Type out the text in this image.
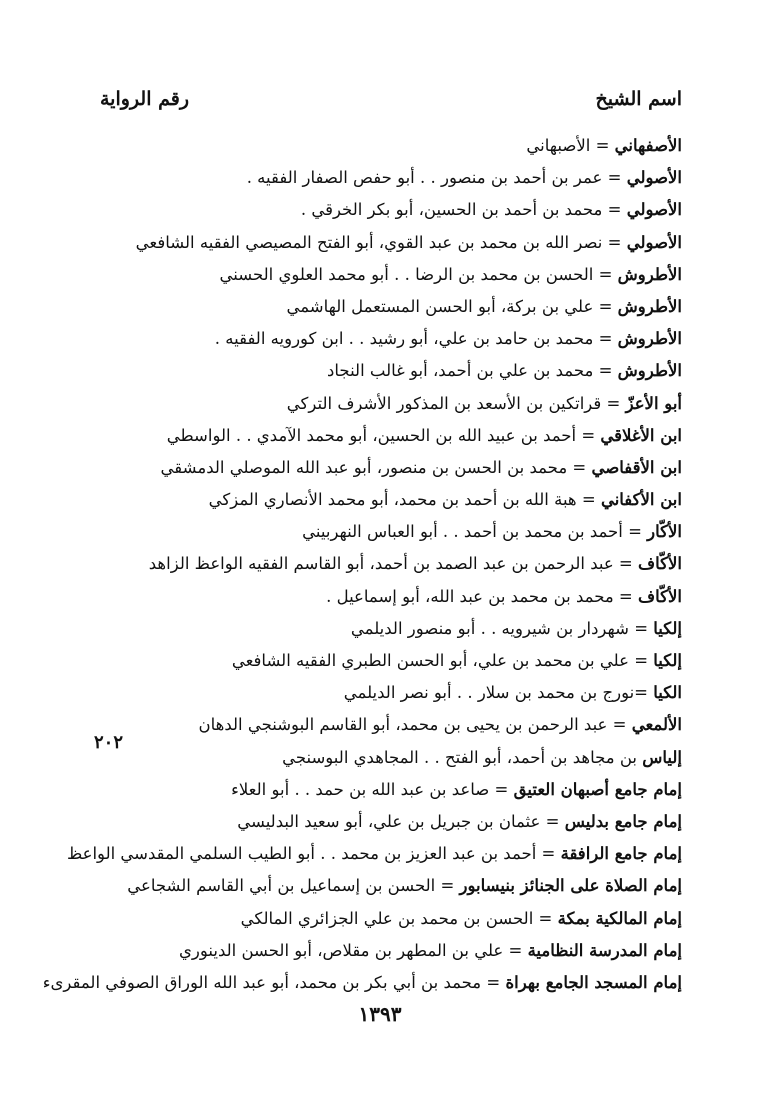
اسم الشيخ
رقم الرواية
الأصفهاني = الأصبهاني
الأصولي = عمر بن أحمد بن منصور . . أبو حفص الصفار الفقيه .
الأصولي = محمد بن أحمد بن الحسين، أبو بكر الخرقي .
الأصولي = نصر الله بن محمد بن عبد القوي، أبو الفتح المصيصي الفقيه الشافعي
الأطروش = الحسن بن محمد بن الرضا . . أبو محمد العلوي الحسني
الأطروش = علي بن بركة، أبو الحسن المستعمل الهاشمي
الأطروش = محمد بن حامد بن علي، أبو رشيد . . ابن كورويه الفقيه .
الأطروش = محمد بن علي بن أحمد، أبو غالب النجاد
أبو الأعزّ = قراتكين بن الأسعد بن المذكور الأشرف التركي
ابن الأغلاقي = أحمد بن عبيد الله بن الحسين، أبو محمد الآمدي . . الواسطي
ابن الأقفاصي = محمد بن الحسن بن منصور، أبو عبد الله الموصلي الدمشقي
ابن الأكفاني = هبة الله بن أحمد بن محمد، أبو محمد الأنصاري المزكي
الأكّار = أحمد بن محمد بن أحمد . . أبو العباس النهربيني
الأكّاف = عبد الرحمن بن عبد الصمد بن أحمد، أبو القاسم الفقيه الواعظ الزاهد
الأكّاف = محمد بن محمد بن عبد الله، أبو إسماعيل .
إلكيا = شهردار بن شيرويه . . أبو منصور الديلمي
إلكيا = علي بن محمد بن علي، أبو الحسن الطبري الفقيه الشافعي
الكيا =نورج بن محمد بن سلار . . أبو نصر الديلمي
الألمعي = عبد الرحمن بن يحيى بن محمد، أبو القاسم البوشنجي الدهان
إلياس بن مجاهد بن أحمد، أبو الفتح . . المجاهدي البوسنجي
إمام جامع أصبهان العتيق = صاعد بن عبد الله بن حمد . . أبو العلاء
إمام جامع بدليس = عثمان بن جبريل بن علي، أبو سعيد البدليسي
إمام جامع الرافقة = أحمد بن عبد العزيز بن محمد . . أبو الطيب السلمي المقدسي الواعظ
إمام الصلاة على الجنائز بنيسابور = الحسن بن إسماعيل بن أبي القاسم الشجاعي
إمام المالكية بمكة = الحسن بن محمد بن علي الجزائري المالكي
إمام المدرسة النظامية = علي بن المطهر بن مقلاص، أبو الحسن الدينوري
إمام المسجد الجامع بهراة = محمد بن أبي بكر بن محمد، أبو عبد الله الوراق الصوفي المقرىء
٢٠٢
١٣٩٣
